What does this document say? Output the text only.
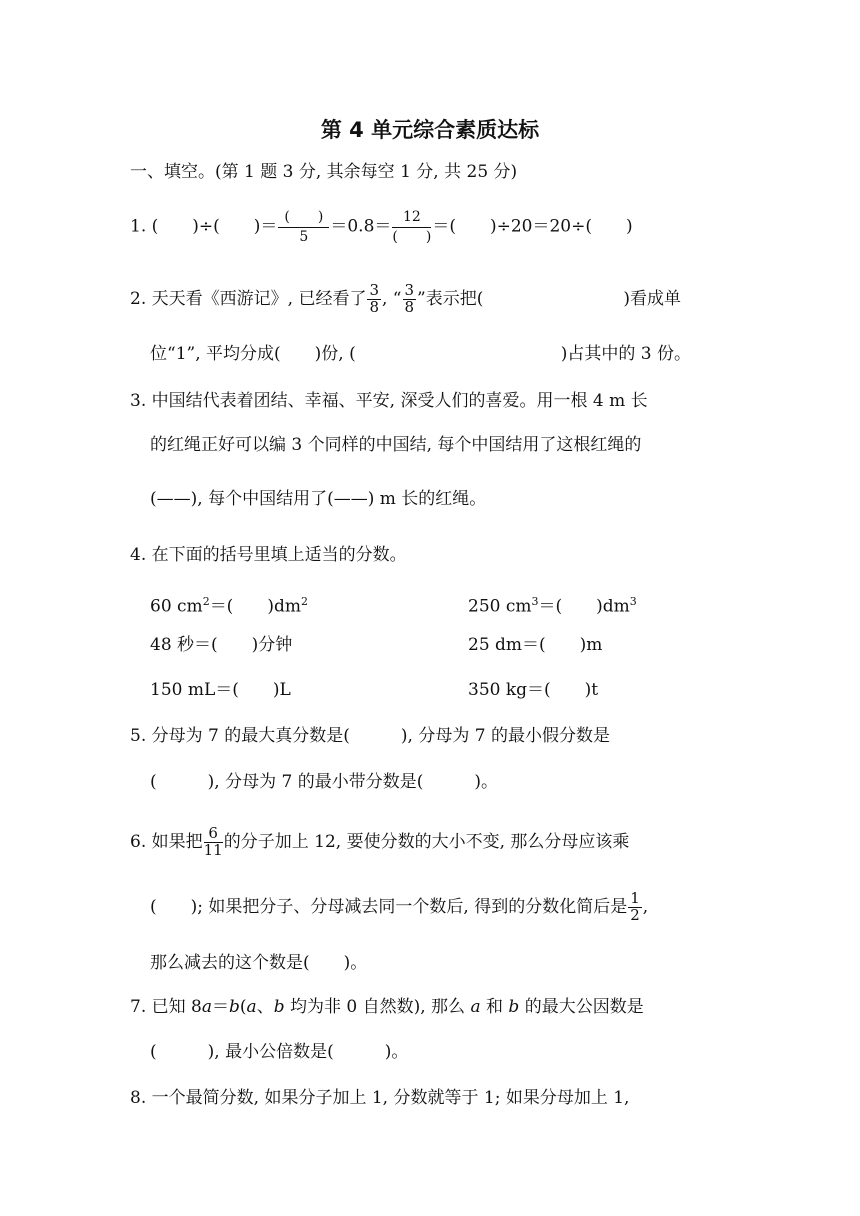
第 4 单元综合素质达标
一、填空。(第 1 题 3 分, 其余每空 1 分, 共 25 分)
1. (　　)÷(　　)＝ $\frac{( )}{5} =0.8= \frac{12}{( )}$ ＝(　　)÷20＝20÷(　　)
2. 天天看《西游记》, 已经看了 $\frac{3}{8}$ , “ $\frac{3}{8}$ ”表示把(	)看成单
位“1”, 平均分成(　　)份, (	)占其中的 3 份。
3. 中国结代表着团结、幸福、平安, 深受人们的喜爱。用一根 4 m 长
的红绳正好可以编 3 个同样的中国结, 每个中国结用了这根红绳的
(——), 每个中国结用了(——) m 长的红绳。
4. 在下面的括号里填上适当的分数。
60 $cm^2=$(　　)$dm^2$	250 $cm^3=$(　　)$dm^3$
48 秒＝(　　)分钟	25 dm＝(　　)m
150 mL＝(　　)L	350 kg＝(　　)t
5. 分母为 7 的最大真分数是(　　　), 分母为 7 的最小假分数是
(　　　), 分母为 7 的最小带分数是(　　　)。
6. 如果把 $\frac{6}{11}$ 的分子加上 12, 要使分数的大小不变, 那么分母应该乘
(　　); 如果把分子、分母减去同一个数后, 得到的分数化简后是 $\frac{1}{2}$ ,
那么减去的这个数是(　　)。
7. 已知 8a＝b(a、b 均为非 0 自然数), 那么 a 和 b 的最大公因数是
(　　　), 最小公倍数是(　　　)。
8. 一个最简分数, 如果分子加上 1, 分数就等于 1; 如果分母加上 1,
